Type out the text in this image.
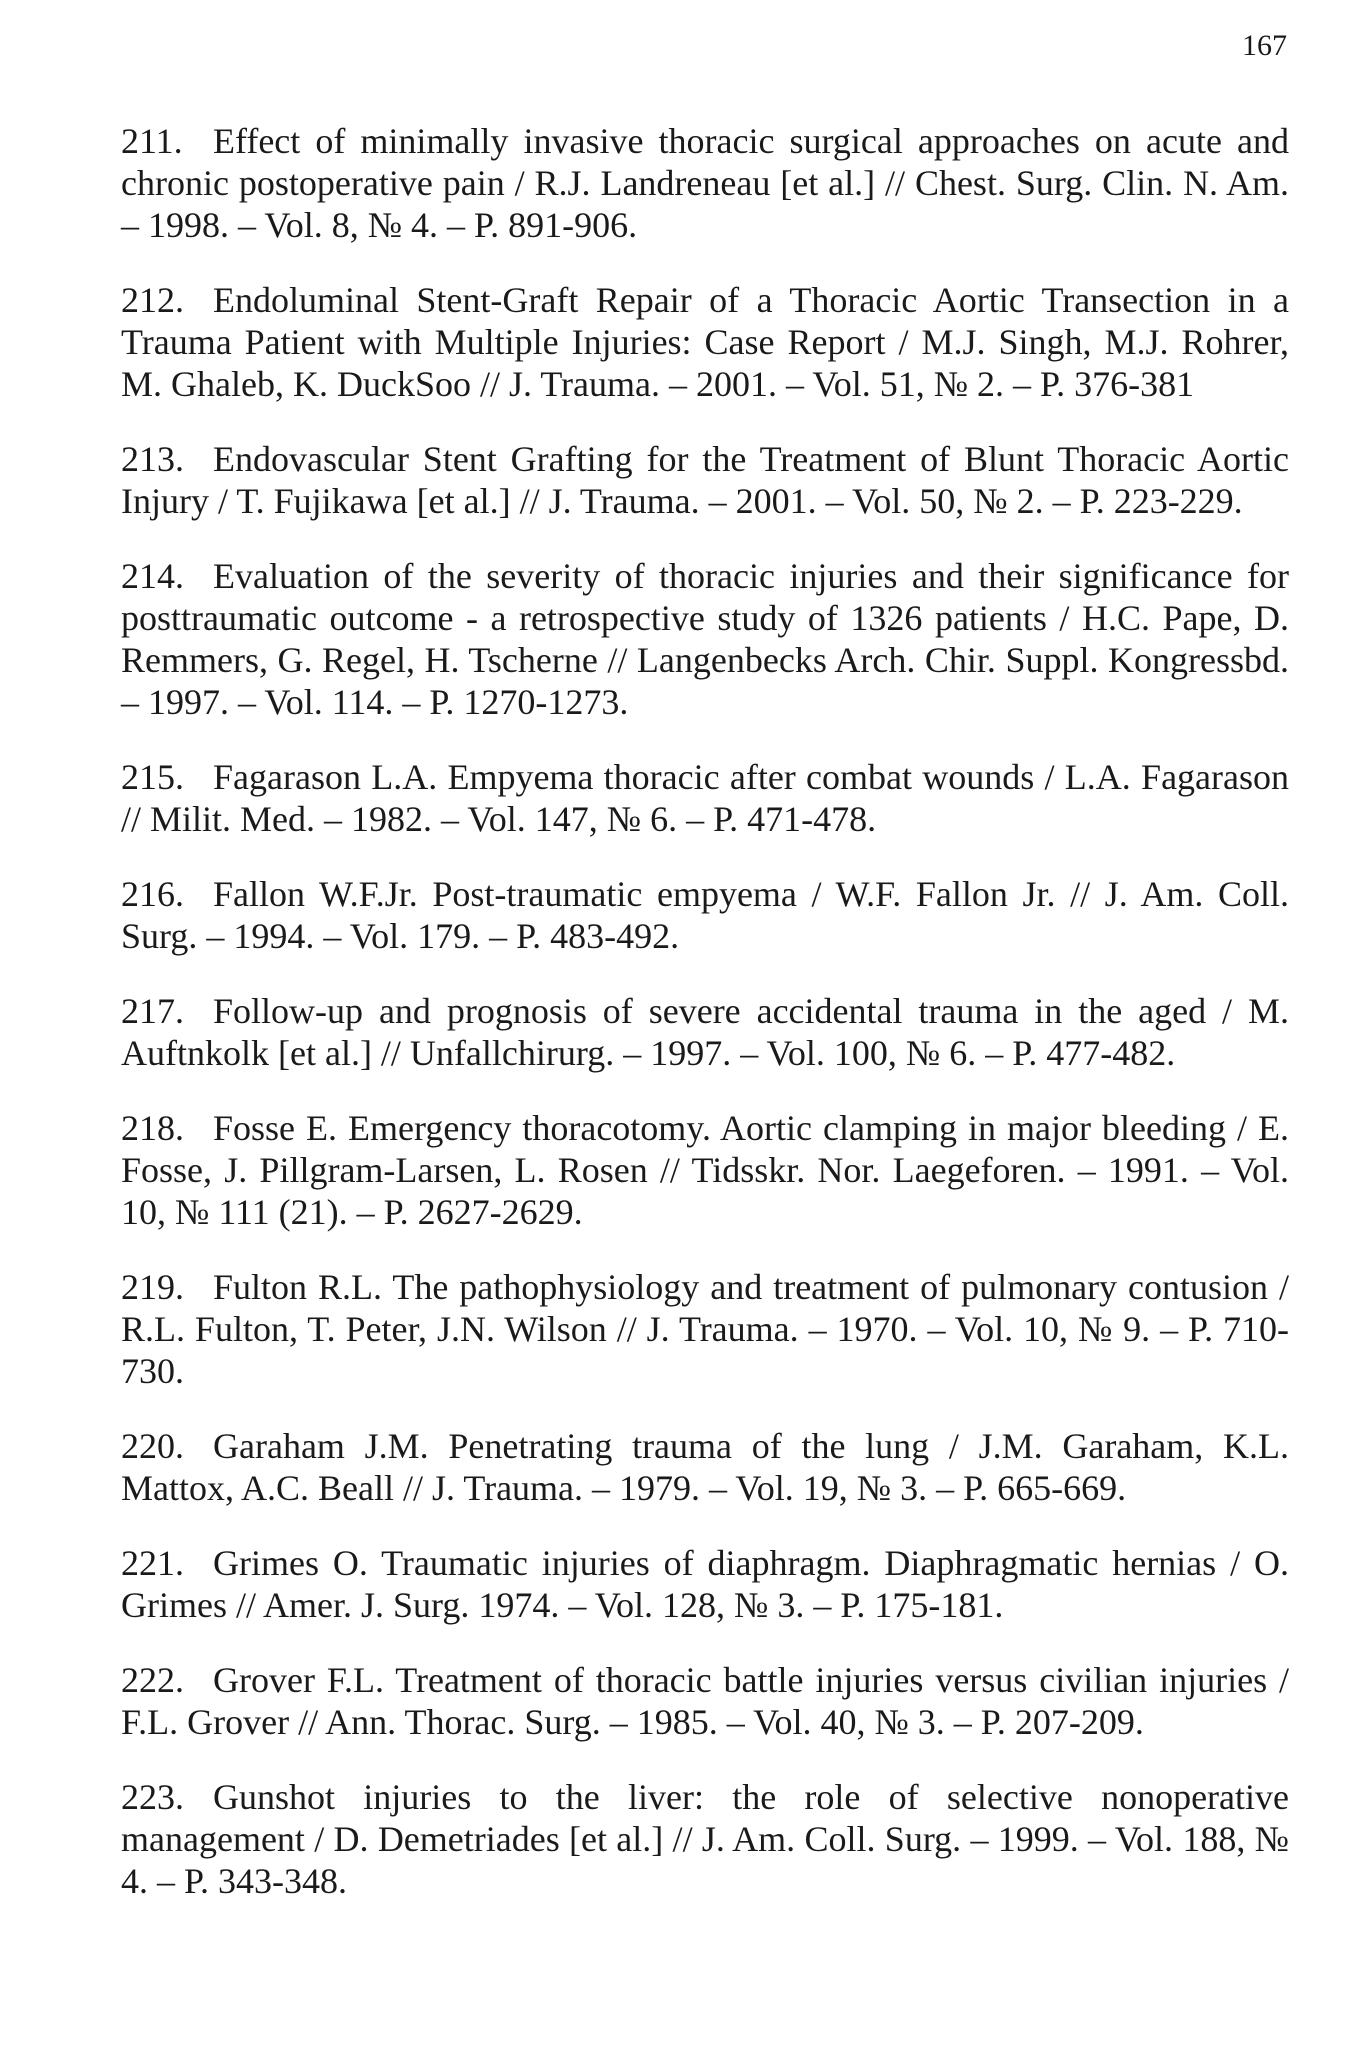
167
211. Effect of minimally invasive thoracic surgical approaches on acute and chronic postoperative pain / R.J. Landreneau [et al.] // Chest. Surg. Clin. N. Am. – 1998. – Vol. 8, № 4. – P. 891-906.
212. Endoluminal Stent-Graft Repair of a Thoracic Aortic Transection in a Trauma Patient with Multiple Injuries: Case Report / M.J. Singh, M.J. Rohrer, M. Ghaleb, K. DuckSoo // J. Trauma. – 2001. – Vol. 51, № 2. – P. 376-381
213. Endovascular Stent Grafting for the Treatment of Blunt Thoracic Aortic Injury / T. Fujikawa [et al.] // J. Trauma. – 2001. – Vol. 50, № 2. – P. 223-229.
214. Evaluation of the severity of thoracic injuries and their significance for posttraumatic outcome - a retrospective study of 1326 patients / H.C. Pape, D. Remmers, G. Regel, H. Tscherne // Langenbecks Arch. Chir. Suppl. Kongressbd. – 1997. – Vol. 114. – P. 1270-1273.
215. Fagarason L.A. Empyema thoracic after combat wounds / L.A. Fagarason // Milit. Med. – 1982. – Vol. 147, № 6. – P. 471-478.
216. Fallon W.F.Jr. Post-traumatic empyema / W.F. Fallon Jr. // J. Am. Coll. Surg. – 1994. – Vol. 179. – P. 483-492.
217. Follow-up and prognosis of severe accidental trauma in the aged / M. Auftnkolk [et al.] // Unfallchirurg. – 1997. – Vol. 100, № 6. – P. 477-482.
218. Fosse E. Emergency thoracotomy. Aortic clamping in major bleeding / E. Fosse, J. Pillgram-Larsen, L. Rosen // Tidsskr. Nor. Laegeforen. – 1991. – Vol. 10, № 111 (21). – P. 2627-2629.
219. Fulton R.L. The pathophysiology and treatment of pulmonary contusion / R.L. Fulton, T. Peter, J.N. Wilson // J. Trauma. – 1970. – Vol. 10, № 9. – P. 710-730.
220. Garaham J.M. Penetrating trauma of the lung / J.M. Garaham, K.L. Mattox, A.C. Beall // J. Trauma. – 1979. – Vol. 19, № 3. – P. 665-669.
221. Grimes O. Traumatic injuries of diaphragm. Diaphragmatic hernias / O. Grimes // Amer. J. Surg. 1974. – Vol. 128, № 3. – P. 175-181.
222. Grover F.L. Treatment of thoracic battle injuries versus civilian injuries / F.L. Grover // Ann. Thorac. Surg. – 1985. – Vol. 40, № 3. – P. 207-209.
223. Gunshot injuries to the liver: the role of selective nonoperative management / D. Demetriades [et al.] // J. Am. Coll. Surg. – 1999. – Vol. 188, № 4. – P. 343-348.
